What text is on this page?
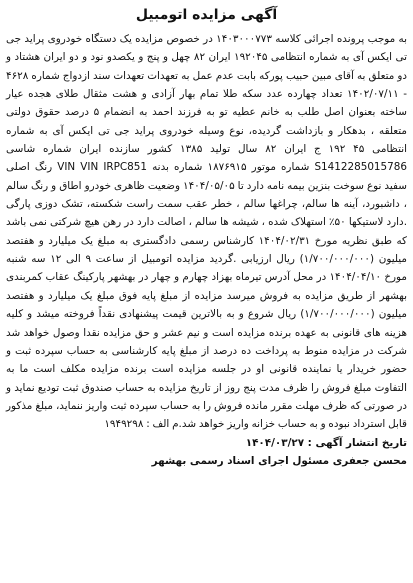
آگهی مزایده اتومبیل

به موجب پرونده اجرائی کلاسه ۱۴۰۳۰۰۰۷۷۳ در خصوص مزایده یک دستگاه خودروی پراید جی تی ایکس آی به شماره انتظامی ۱۹۲۰۴۵ ایران ۸۲ چهل و پنج و یکصدو نود و دو ایران هشتاد و دو متعلق به آقای مبین حبیب پورکه بابت عدم عمل به تعهدات تعهدات سند ازدواج شماره ۴۶۲۸ - ۱۴۰۲/۰۷/۱۱ تعداد چهارده عدد سکه طلا تمام بهار آزادی و هشت مثقال طلای هجده عیار ساخته بعنوان اصل طلب به خانم عطیه تو به فرزند احمد به انضمام ۵ درصد حقوق دولتی متعلقه ، بدهکار و بازداشت گردیده، نوع وسیله خودروی پراید جی تی ایکس آی به شماره انتظامی ۴۵ ۱۹۲ ج ایران ۸۲ سال تولید ۱۳۸۵ کشور سازنده ایران شماره شاسی S1412285015786 شماره موتور ۱۸۷۶۹۱۵ شماره بدنه VIN VIN IRPC851 رنگ اصلی سفید نوع سوخت بنزین بیمه نامه دارد تا ۱۴۰۴/۰۵/۰۵ وضعیت ظاهری خودرو اطاق و رنگ سالم ، داشبورد، آینه ها سالم، چراغها سالم ، خطر عقب سمت راست شکسته، تشک دوزی پارگی .دارد لاستیکها ۵۰٪ استهلاک شده ، شیشه ها سالم ، اصالت دارد در رهن هیچ شرکتی نمی باشد که طبق نظریه مورخ ۱۴۰۴/۰۲/۳۱ کارشناس رسمی دادگستری به مبلغ یک میلیارد و هفتصد میلیون (۱/۷۰۰/۰۰۰/۰۰۰) ریال ارزیابی .گردید مزایده اتومبیل از ساعت ۹ الی ۱۲ سه شنبه مورخ ۱۴۰۴/۰۴/۱۰ در محل آدرس تیرماه بهزاد چهارم و چهار در بهشهر پارکینگ عقاب کمربندی بهشهر از طریق مزایده به فروش میرسد مزایده از مبلغ پایه فوق مبلغ یک میلیارد و هفتصد میلیون (۱/۷۰۰/۰۰۰/۰۰۰) ریال شروع و به بالاترین قیمت پیشنهادی نقداً فروخته میشد و کلیه هزینه های قانونی به عهده برنده مزایده است و نیم عشر و حق مزایده نقدا وصول خواهد شد شرکت در مزایده منوط به پرداخت ده درصد از مبلغ پایه کارشناسی به حساب سپرده ثبت و حضور خریدار یا نماینده قانونی او در جلسه مزایده است برنده مزایده مکلف است ما به التفاوت مبلغ فروش را ظرف مدت پنج روز از تاریخ مزایده به حساب صندوق ثبت تودیع نماید و در صورتی که ظرف مهلت مقرر مانده فروش را به حساب سپرده ثبت واریز ننماید، مبلغ مذکور قابل استرداد نبوده و به حساب خزانه واریز خواهد شد.م الف : ۱۹۴۹۲۹۸

تاریخ انتشار آگهی : ۱۴۰۴/۰۳/۲۷

محسن جعفری مسئول اجرای اسناد رسمی بهشهر
